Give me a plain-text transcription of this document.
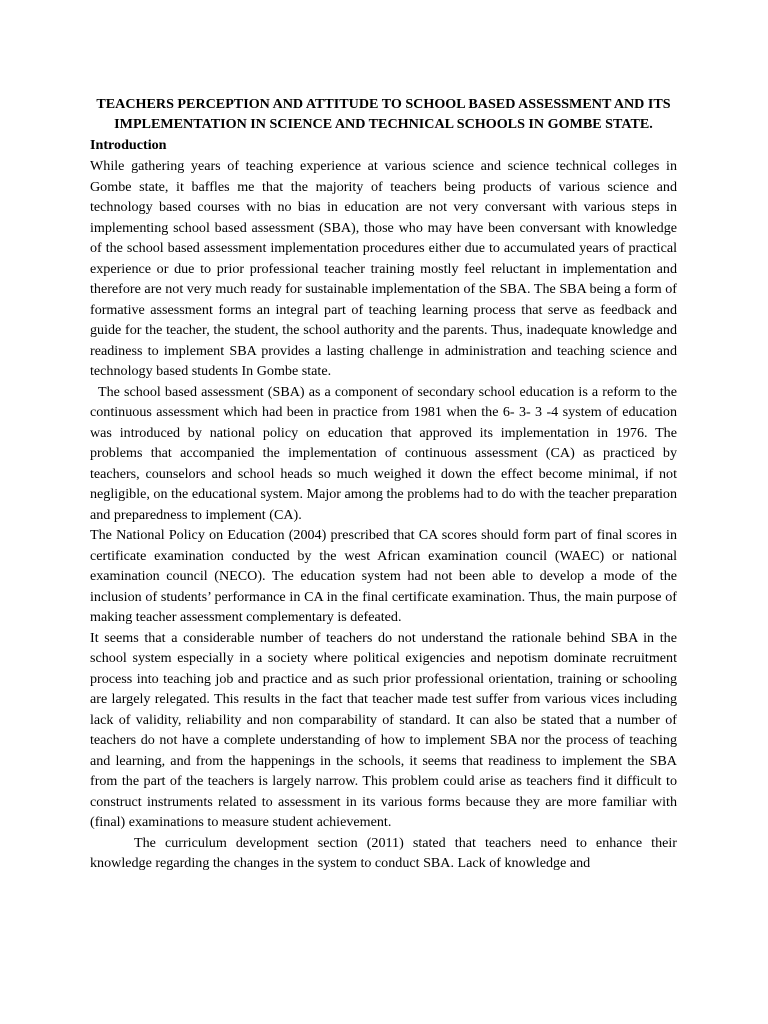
TEACHERS PERCEPTION AND ATTITUDE TO SCHOOL BASED ASSESSMENT AND ITS IMPLEMENTATION IN SCIENCE AND TECHNICAL SCHOOLS IN GOMBE STATE.
Introduction

While gathering years of teaching experience at various science and science technical colleges in Gombe state, it baffles me that the majority of teachers being products of various science and technology based courses with no bias in education are not very conversant with various steps in implementing school based assessment (SBA), those who may have been conversant with knowledge of the school based assessment implementation procedures either due to accumulated years of practical experience or due to prior professional teacher training mostly feel reluctant in implementation and therefore are not very much ready for sustainable implementation of the SBA. The SBA being a form of formative assessment forms an integral part of teaching learning process that serve as feedback and guide for the teacher, the student, the school authority and the parents. Thus, inadequate knowledge and readiness to implement SBA provides a lasting challenge in administration and teaching science and technology based students In Gombe state.

The school based assessment (SBA) as a component of secondary school education is a reform to the continuous assessment which had been in practice from 1981 when the 6- 3- 3 -4 system of education was introduced by national policy on education that approved its implementation in 1976. The problems that accompanied the implementation of continuous assessment (CA) as practiced by teachers, counselors and school heads so much weighed it down the effect become minimal, if not negligible, on the educational system. Major among the problems had to do with the teacher preparation and preparedness to implement (CA).

The National Policy on Education (2004) prescribed that CA scores should form part of final scores in certificate examination conducted by the west African examination council (WAEC) or national examination council (NECO). The education system had not been able to develop a mode of the inclusion of students’ performance in CA in the final certificate examination. Thus, the main purpose of making teacher assessment complementary is defeated.

It seems that a considerable number of teachers do not understand the rationale behind SBA in the school system especially in a society where political exigencies and nepotism dominate recruitment process into teaching job and practice and as such prior professional orientation, training or schooling are largely relegated. This results in the fact that teacher made test suffer from various vices including lack of validity, reliability and non comparability of standard. It can also be stated that a number of teachers do not have a complete understanding of how to implement SBA nor the process of teaching and learning, and from the happenings in the schools, it seems that readiness to implement the SBA from the part of the teachers is largely narrow. This problem could arise as teachers find it difficult to construct instruments related to assessment in its various forms because they are more familiar with (final) examinations to measure student achievement.

The curriculum development section (2011) stated that teachers need to enhance their knowledge regarding the changes in the system to conduct SBA. Lack of knowledge and
